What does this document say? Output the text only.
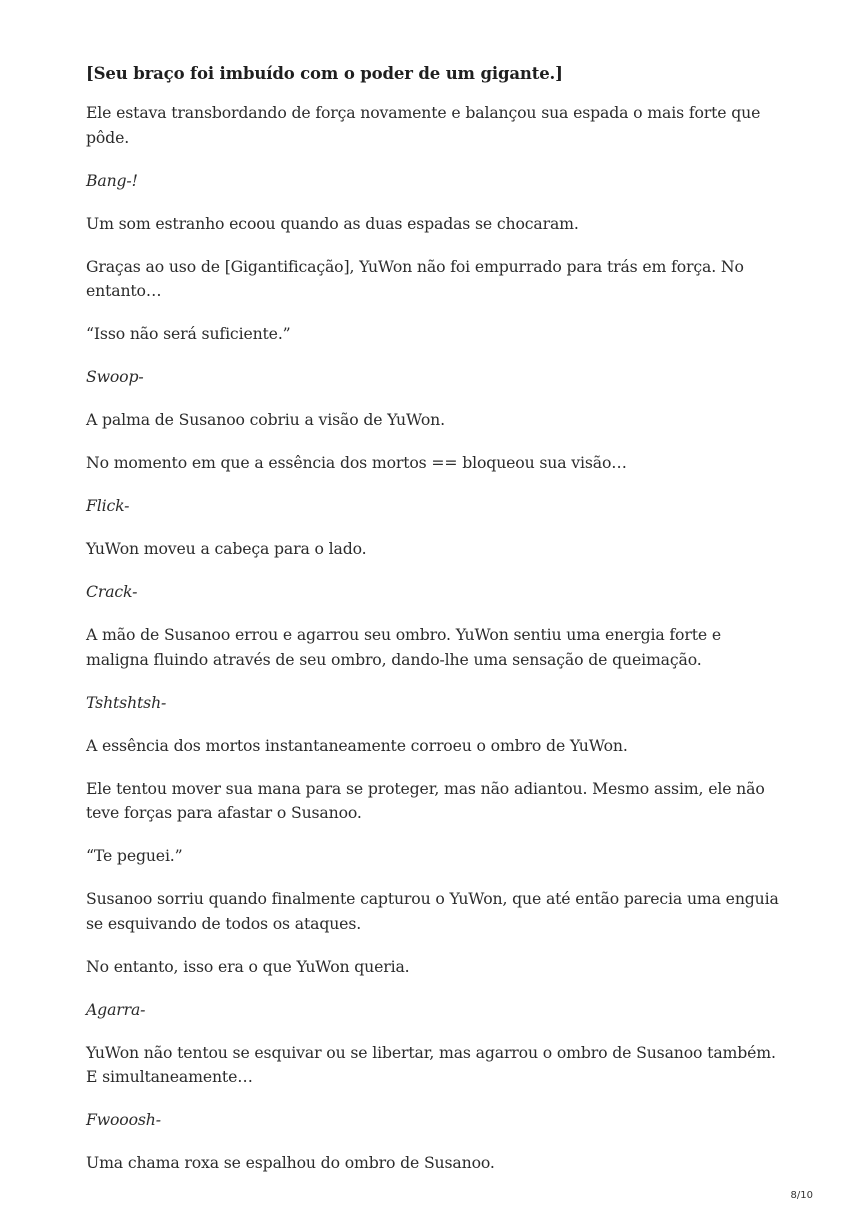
[Seu braço foi imbuído com o poder de um gigante.]

Ele estava transbordando de força novamente e balançou sua espada o mais forte que pôde.

Bang-!

Um som estranho ecoou quando as duas espadas se chocaram.

Graças ao uso de [Gigantificação], YuWon não foi empurrado para trás em força. No entanto…

“Isso não será suficiente.”

Swoop-

A palma de Susanoo cobriu a visão de YuWon.

No momento em que a essência dos mortos == bloqueou sua visão…

Flick-

YuWon moveu a cabeça para o lado.

Crack-

A mão de Susanoo errou e agarrou seu ombro. YuWon sentiu uma energia forte e maligna fluindo através de seu ombro, dando-lhe uma sensação de queimação.

Tshtshtsh-

A essência dos mortos instantaneamente corroeu o ombro de YuWon.

Ele tentou mover sua mana para se proteger, mas não adiantou. Mesmo assim, ele não teve forças para afastar o Susanoo.

“Te peguei.”

Susanoo sorriu quando finalmente capturou o YuWon, que até então parecia uma enguia se esquivando de todos os ataques.

No entanto, isso era o que YuWon queria.

Agarra-

YuWon não tentou se esquivar ou se libertar, mas agarrou o ombro de Susanoo também. E simultaneamente…

Fwooosh-

Uma chama roxa se espalhou do ombro de Susanoo.

8/10
